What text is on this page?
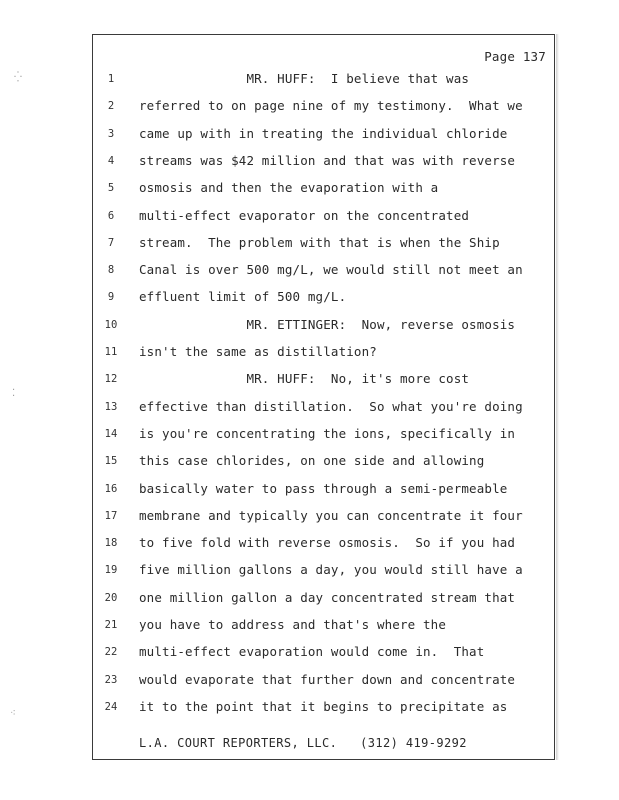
⁛
⁚
⁖
Page 137
1	MR. HUFF:  I believe that was
2	referred to on page nine of my testimony.  What we
3	came up with in treating the individual chloride
4	streams was $42 million and that was with reverse
5	osmosis and then the evaporation with a
6	multi-effect evaporator on the concentrated
7	stream.  The problem with that is when the Ship
8	Canal is over 500 mg/L, we would still not meet an
9	effluent limit of 500 mg/L.
10	MR. ETTINGER:  Now, reverse osmosis
11	isn't the same as distillation?
12	MR. HUFF:  No, it's more cost
13	effective than distillation.  So what you're doing
14	is you're concentrating the ions, specifically in
15	this case chlorides, on one side and allowing
16	basically water to pass through a semi-permeable
17	membrane and typically you can concentrate it four
18	to five fold with reverse osmosis.  So if you had
19	five million gallons a day, you would still have a
20	one million gallon a day concentrated stream that
21	you have to address and that's where the
22	multi-effect evaporation would come in.  That
23	would evaporate that further down and concentrate
24	it to the point that it begins to precipitate as
L.A. COURT REPORTERS, LLC.   (312) 419-9292
